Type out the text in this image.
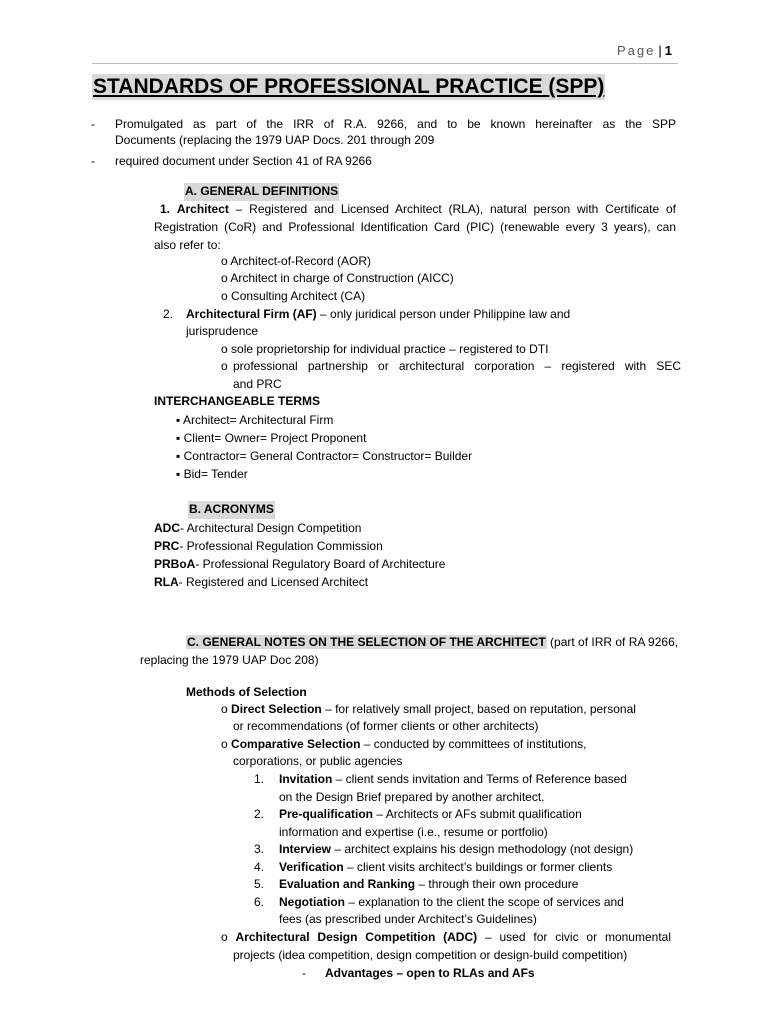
Page | 1
STANDARDS OF PROFESSIONAL PRACTICE (SPP)
- Promulgated as part of the IRR of R.A. 9266, and to be known hereinafter as the SPP
Documents (replacing the 1979 UAP Docs. 201 through 209
- required document under Section 41 of RA 9266
A. GENERAL DEFINITIONS
1. Architect – Registered and Licensed Architect (RLA), natural person with Certificate of
Registration (CoR) and Professional Identification Card (PIC) (renewable every 3 years), can
also refer to:
o Architect-of-Record (AOR)
o Architect in charge of Construction (AICC)
o Consulting Architect (CA)
2. Architectural Firm (AF) – only juridical person under Philippine law and
jurisprudence
o sole proprietorship for individual practice – registered to DTI
o professional partnership or architectural corporation – registered with SEC
and PRC
INTERCHANGEABLE TERMS
▪ Architect= Architectural Firm
▪ Client= Owner= Project Proponent
▪ Contractor= General Contractor= Constructor= Builder
▪ Bid= Tender
B. ACRONYMS
ADC- Architectural Design Competition
PRC- Professional Regulation Commission
PRBoA- Professional Regulatory Board of Architecture
RLA- Registered and Licensed Architect
C. GENERAL NOTES ON THE SELECTION OF THE ARCHITECT (part of IRR of RA 9266,
replacing the 1979 UAP Doc 208)
Methods of Selection
o Direct Selection – for relatively small project, based on reputation, personal
or recommendations (of former clients or other architects)
o Comparative Selection – conducted by committees of institutions,
corporations, or public agencies
1. Invitation – client sends invitation and Terms of Reference based
on the Design Brief prepared by another architect.
2. Pre-qualification – Architects or AFs submit qualification
information and expertise (i.e., resume or portfolio)
3. Interview – architect explains his design methodology (not design)
4. Verification – client visits architect’s buildings or former clients
5. Evaluation and Ranking – through their own procedure
6. Negotiation – explanation to the client the scope of services and
fees (as prescribed under Architect’s Guidelines)
o Architectural Design Competition (ADC) – used for civic or monumental
projects (idea competition, design competition or design-build competition)
- Advantages – open to RLAs and AFs
